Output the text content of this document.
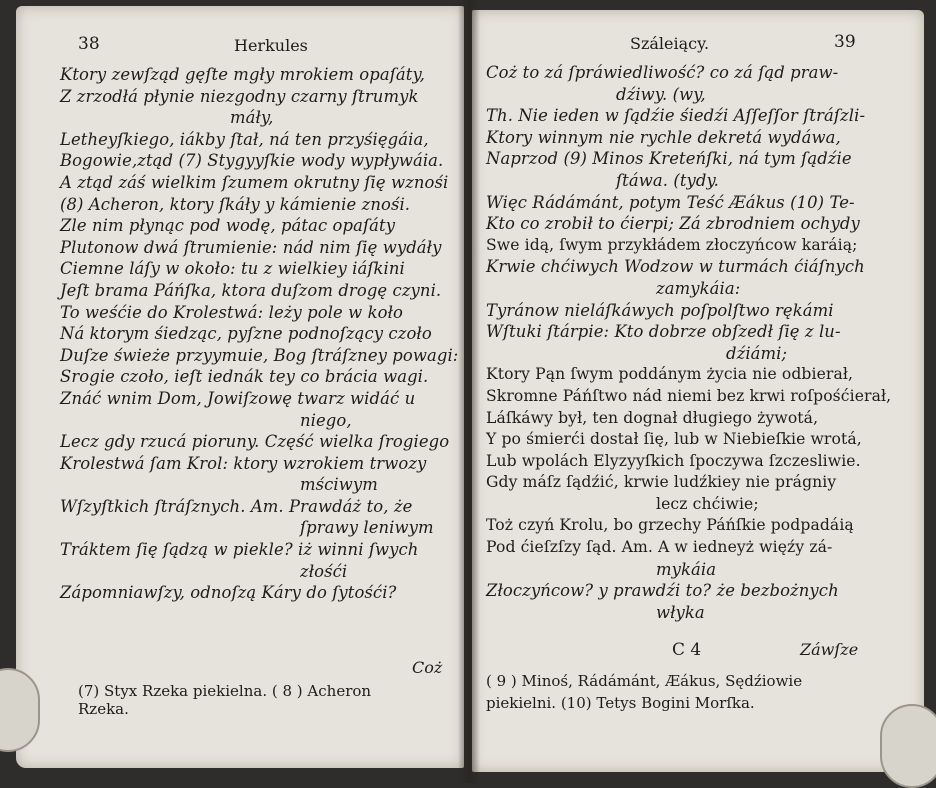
38	Herkules
Ktory zewſząd gęſte mgły mrokiem opaſáty,
Z zrzodłá płynie niezgodny czarny ſtrumyk
máły,
Letheyſkiego, iákby ſtał, ná ten przyśięgáia,
Bogowie,ztąd (7) Stygyyſkie wody wypływáia.
A ztąd záś wielkim ſzumem okrutny ſię wznośi
(8) Acheron, ktory ſkáły y kámienie znośi.
Zle nim płynąc pod wodę, pátac opaſáty
Plutonow dwá ſtrumienie: nád nim ſię wydáły
Ciemne láſy w około: tu z wielkiey iáſkini
Jeſt brama Páńſka, ktora duſzom drogę czyni.
To weśćie do Krolestwá: leży pole w koło
Ná ktorym śiedząc, pyſzne podnoſzący czoło
Duſze świeże przyymuie, Bog ſtráſzney powagi:
Srogie czoło, ieſt iednák tey co brácia wagi.
Znáć wnim Dom, Jowiſzowę twarz widáć u
niego,
Lecz gdy rzucá pioruny. Część wielka ſrogiego
Krolestwá ſam Krol: ktory wzrokiem trwozy
mściwym
Wſzyſtkich ſtráſznych. Am. Prawdáż to, że
ſprawy leniwym
Tráktem ſię ſądzą w piekle? iż winni ſwych
złośći
Zápomniawſzy, odnoſzą Káry do ſytośći?
Coż
(7) Styx Rzeka piekielna. ( 8 ) Acheron
Rzeka.
Száleiący.	39
Coż to zá ſpráwiedliwość? co zá ſąd praw-
dźiwy. (wy,
Th. Nie ieden w ſądźie śiedźi Aſſeſſor ſtráſzli-
Ktory winnym nie rychle dekretá wydáwa,
Naprzod (9) Minos Kreteńſki, ná tym ſądźie
ſtáwa. (tydy.
Więc Rádámánt, potym Teść Æákus (10) Te-
Kto co zrobił to ćierpi; Zá zbrodniem ochydy
Swe idą, ſwym przykłádem złoczyńcow karáią;
Krwie chćiwych Wodzow w turmách ćiáſnych
zamykáia:
Tyránow nieláſkáwych poſpolſtwo rękámi
Wſtuki ſtárpie: Kto dobrze obſzedł ſię z lu-
dźiámi;
Ktory Pąn ſwym poddánym życia nie odbierał,
Skromne Páńſtwo nád niemi bez krwi roſpośćierał,
Láſkáwy był, ten dognał długiego żywotá,
Y po śmierći dostał ſię, lub w Niebieſkie wrotá,
Lub wpolách Elyzyyſkich ſpoczywa ſzczesliwie.
Gdy máſz ſądźić, krwie ludźkiey nie prágniy
lecz chćiwie;
Toż czyń Krolu, bo grzechy Páńſkie podpadáią
Pod ćieſzſzy ſąd. Am. A w iedneyż więźy zá-
mykáia
Złoczyńcow? y prawdźi to? że bezbożnych
włyka
C 4	Záwſze
( 9 ) Minoś, Rádámánt, Æákus, Sędźiowie
piekielni. (10) Tetys Bogini Morſka.
